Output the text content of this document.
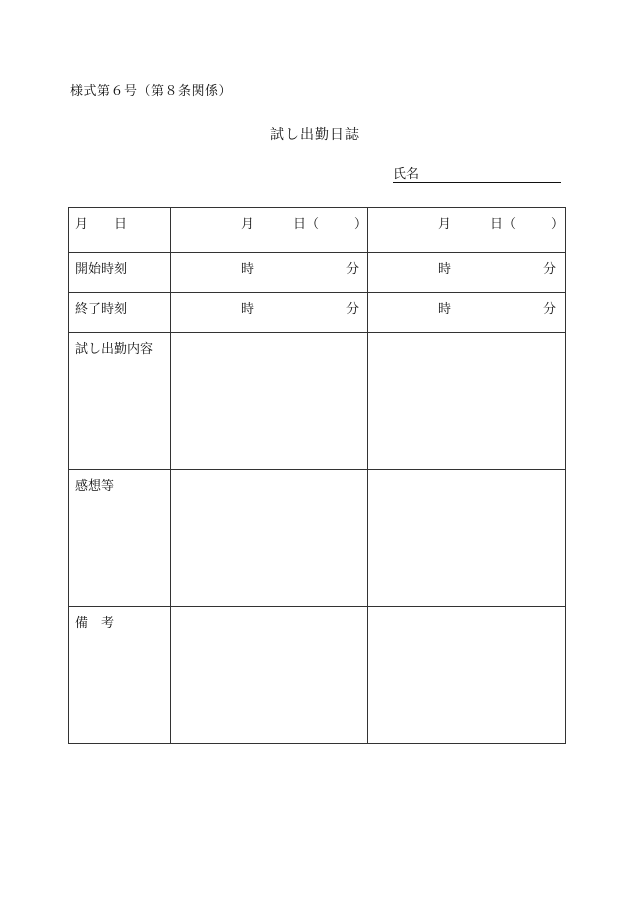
様式第６号（第８条関係）
試し出勤日誌
氏名
月　　日	月 日（ ）	月 日（ ）

開始時刻	時 分	時 分

終了時刻	時 分	時 分

試し出勤内容		
感想等		
備　考		
